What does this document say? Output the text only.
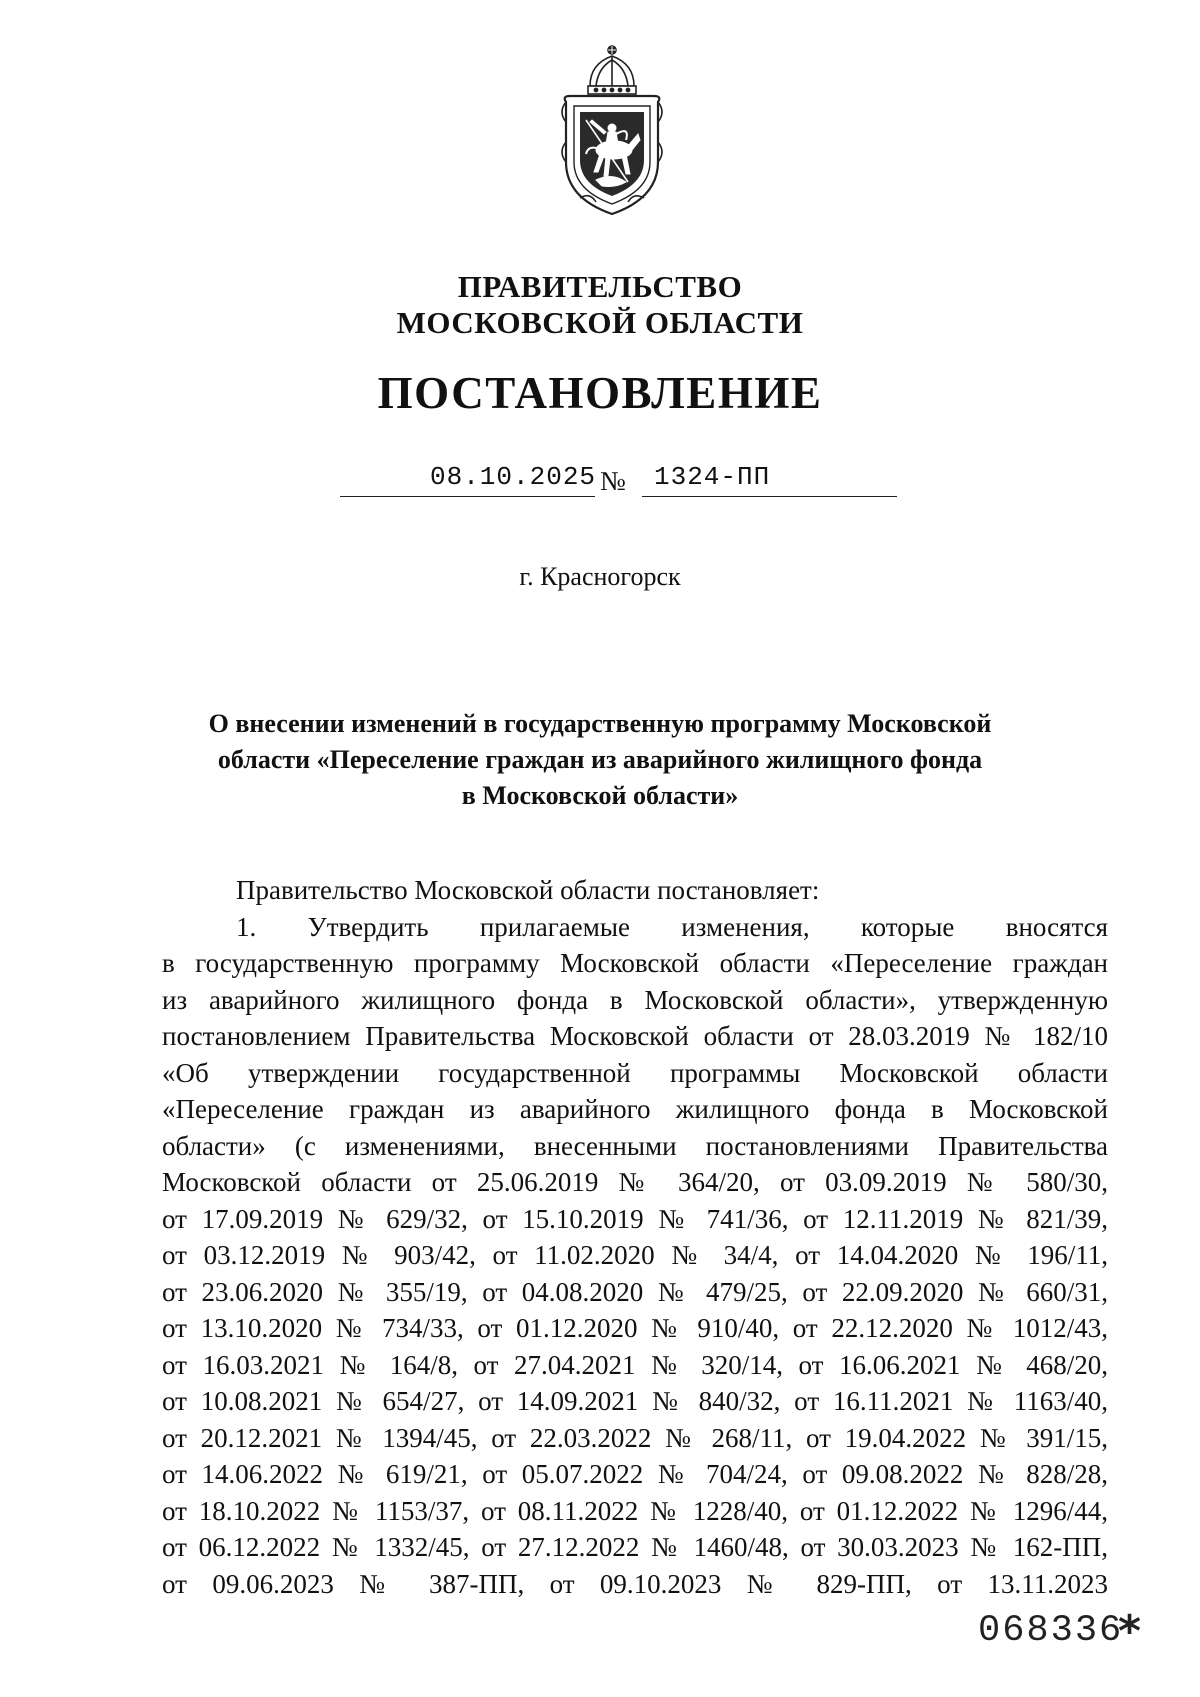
ПРАВИТЕЛЬСТВО
МОСКОВСКОЙ ОБЛАСТИ
ПОСТАНОВЛЕНИЕ
08.10.2025 № 1324-ПП
г. Красногорск
О внесении изменений в государственную программу Московской
области «Переселение граждан из аварийного жилищного фонда
в Московской области»
Правительство Московской области постановляет:
1. Утвердить прилагаемые изменения, которые вносятся
в государственную программу Московской области «Переселение граждан
из аварийного жилищного фонда в Московской области», утвержденную
постановлением Правительства Московской области от 28.03.2019 № 182/10
«Об утверждении государственной программы Московской области
«Переселение граждан из аварийного жилищного фонда в Московской
области» (с изменениями, внесенными постановлениями Правительства
Московской области от 25.06.2019 № 364/20, от 03.09.2019 № 580/30,
от 17.09.2019 № 629/32, от 15.10.2019 № 741/36, от 12.11.2019 № 821/39,
от 03.12.2019 № 903/42, от 11.02.2020 № 34/4, от 14.04.2020 № 196/11,
от 23.06.2020 № 355/19, от 04.08.2020 № 479/25, от 22.09.2020 № 660/31,
от 13.10.2020 № 734/33, от 01.12.2020 № 910/40, от 22.12.2020 № 1012/43,
от 16.03.2021 № 164/8, от 27.04.2021 № 320/14, от 16.06.2021 № 468/20,
от 10.08.2021 № 654/27, от 14.09.2021 № 840/32, от 16.11.2021 № 1163/40,
от 20.12.2021 № 1394/45, от 22.03.2022 № 268/11, от 19.04.2022 № 391/15,
от 14.06.2022 № 619/21, от 05.07.2022 № 704/24, от 09.08.2022 № 828/28,
от 18.10.2022 № 1153/37, от 08.11.2022 № 1228/40, от 01.12.2022 № 1296/44,
от 06.12.2022 № 1332/45, от 27.12.2022 № 1460/48, от 30.03.2023 № 162-ПП,
от 09.06.2023 № 387-ПП, от 09.10.2023 № 829-ПП, от 13.11.2023
068336
*
